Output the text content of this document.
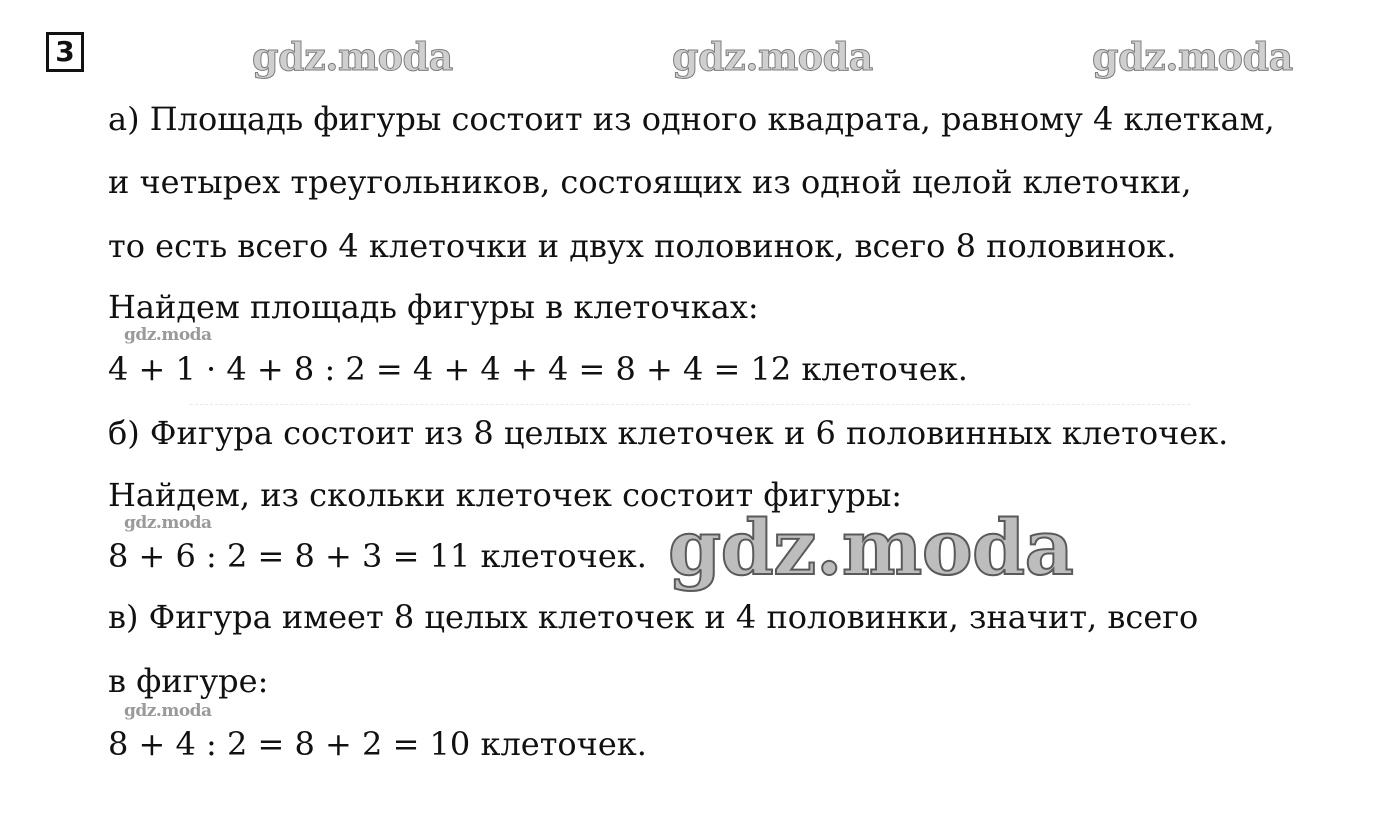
3	gdz.moda	gdz.moda	gdz.moda
а) Площадь фигуры состоит из одного квадрата, равному 4 клеткам,
и четырех треугольников, состоящих из одной целой клеточки,
то есть всего 4 клеточки и двух половинок, всего 8 половинок.
Найдем площадь фигуры в клеточках:
gdz.moda
4 + 1 · 4 + 8 : 2 = 4 + 4 + 4 = 8 + 4 = 12 клеточек.
б) Фигура состоит из 8 целых клеточек и 6 половинных клеточек.
Найдем, из скольки клеточек состоит фигуры:
gdz.moda
8 + 6 : 2 = 8 + 3 = 11 клеточек. gdz.moda
в) Фигура имеет 8 целых клеточек и 4 половинки, значит, всего
в фигуре:
gdz.moda
8 + 4 : 2 = 8 + 2 = 10 клеточек.
